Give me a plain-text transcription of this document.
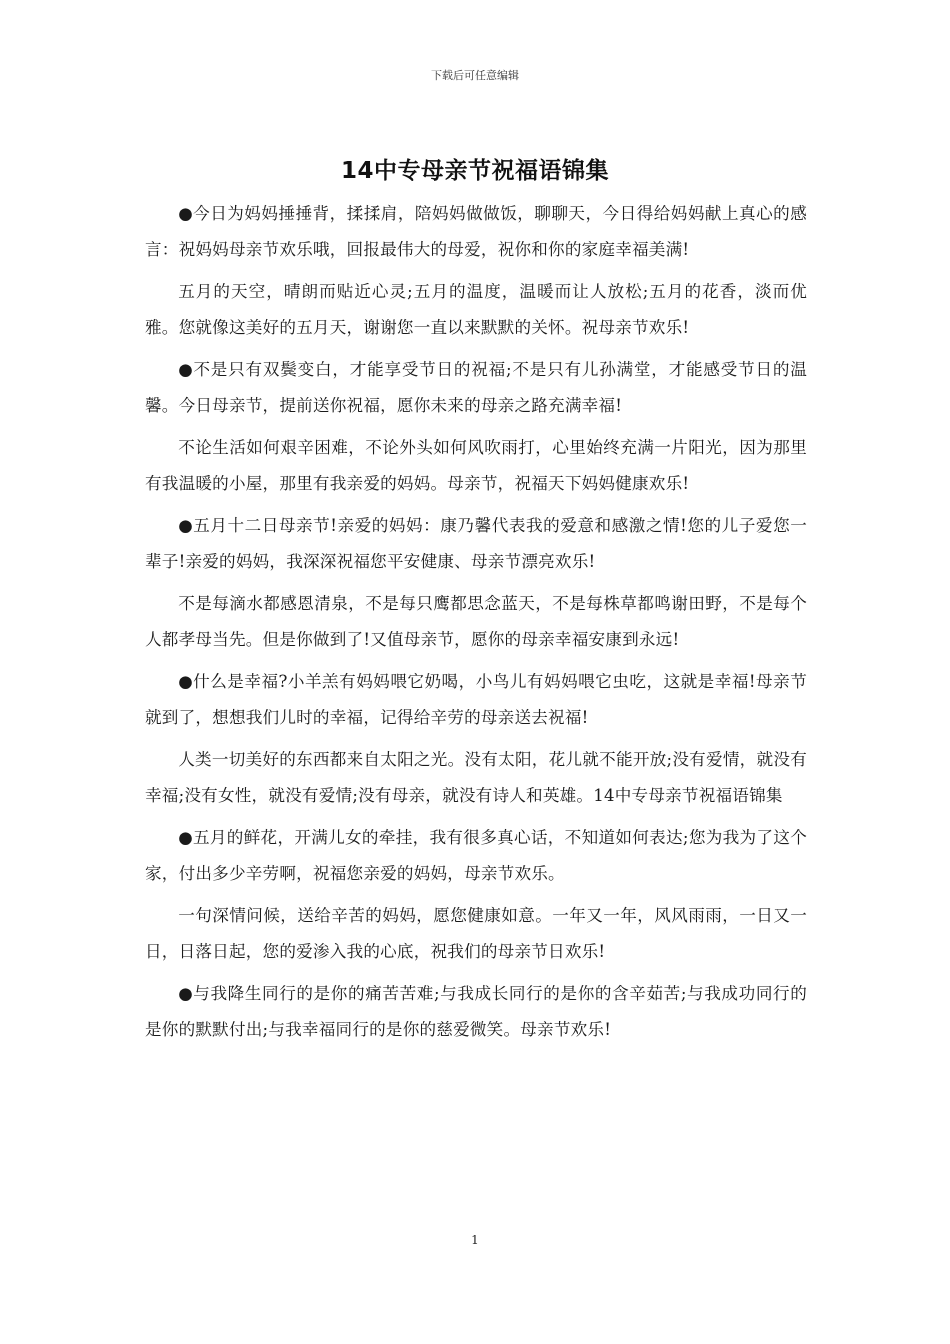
下载后可任意编辑
14中专母亲节祝福语锦集

●今日为妈妈捶捶背，揉揉肩，陪妈妈做做饭，聊聊天，今日得给妈妈献上真心的感言：祝妈妈母亲节欢乐哦，回报最伟大的母爱，祝你和你的家庭幸福美满!

五月的天空，晴朗而贴近心灵;五月的温度，温暖而让人放松;五月的花香，淡而优雅。您就像这美好的五月天，谢谢您一直以来默默的关怀。祝母亲节欢乐!

●不是只有双鬓变白，才能享受节日的祝福;不是只有儿孙满堂，才能感受节日的温馨。今日母亲节，提前送你祝福，愿你未来的母亲之路充满幸福!

不论生活如何艰辛困难，不论外头如何风吹雨打，心里始终充满一片阳光，因为那里有我温暖的小屋，那里有我亲爱的妈妈。母亲节，祝福天下妈妈健康欢乐!

●五月十二日母亲节!亲爱的妈妈：康乃馨代表我的爱意和感激之情!您的儿子爱您一辈子!亲爱的妈妈，我深深祝福您平安健康、母亲节漂亮欢乐!

不是每滴水都感恩清泉，不是每只鹰都思念蓝天，不是每株草都鸣谢田野，不是每个人都孝母当先。但是你做到了!又值母亲节，愿你的母亲幸福安康到永远!

●什么是幸福?小羊羔有妈妈喂它奶喝，小鸟儿有妈妈喂它虫吃，这就是幸福!母亲节就到了，想想我们儿时的幸福，记得给辛劳的母亲送去祝福!

人类一切美好的东西都来自太阳之光。没有太阳，花儿就不能开放;没有爱情，就没有幸福;没有女性，就没有爱情;没有母亲，就没有诗人和英雄。14中专母亲节祝福语锦集

●五月的鲜花，开满儿女的牵挂，我有很多真心话，不知道如何表达;您为我为了这个家，付出多少辛劳啊，祝福您亲爱的妈妈，母亲节欢乐。

一句深情问候，送给辛苦的妈妈，愿您健康如意。一年又一年，风风雨雨，一日又一日，日落日起，您的爱渗入我的心底，祝我们的母亲节日欢乐!

●与我降生同行的是你的痛苦苦难;与我成长同行的是你的含辛茹苦;与我成功同行的是你的默默付出;与我幸福同行的是你的慈爱微笑。母亲节欢乐!

1
